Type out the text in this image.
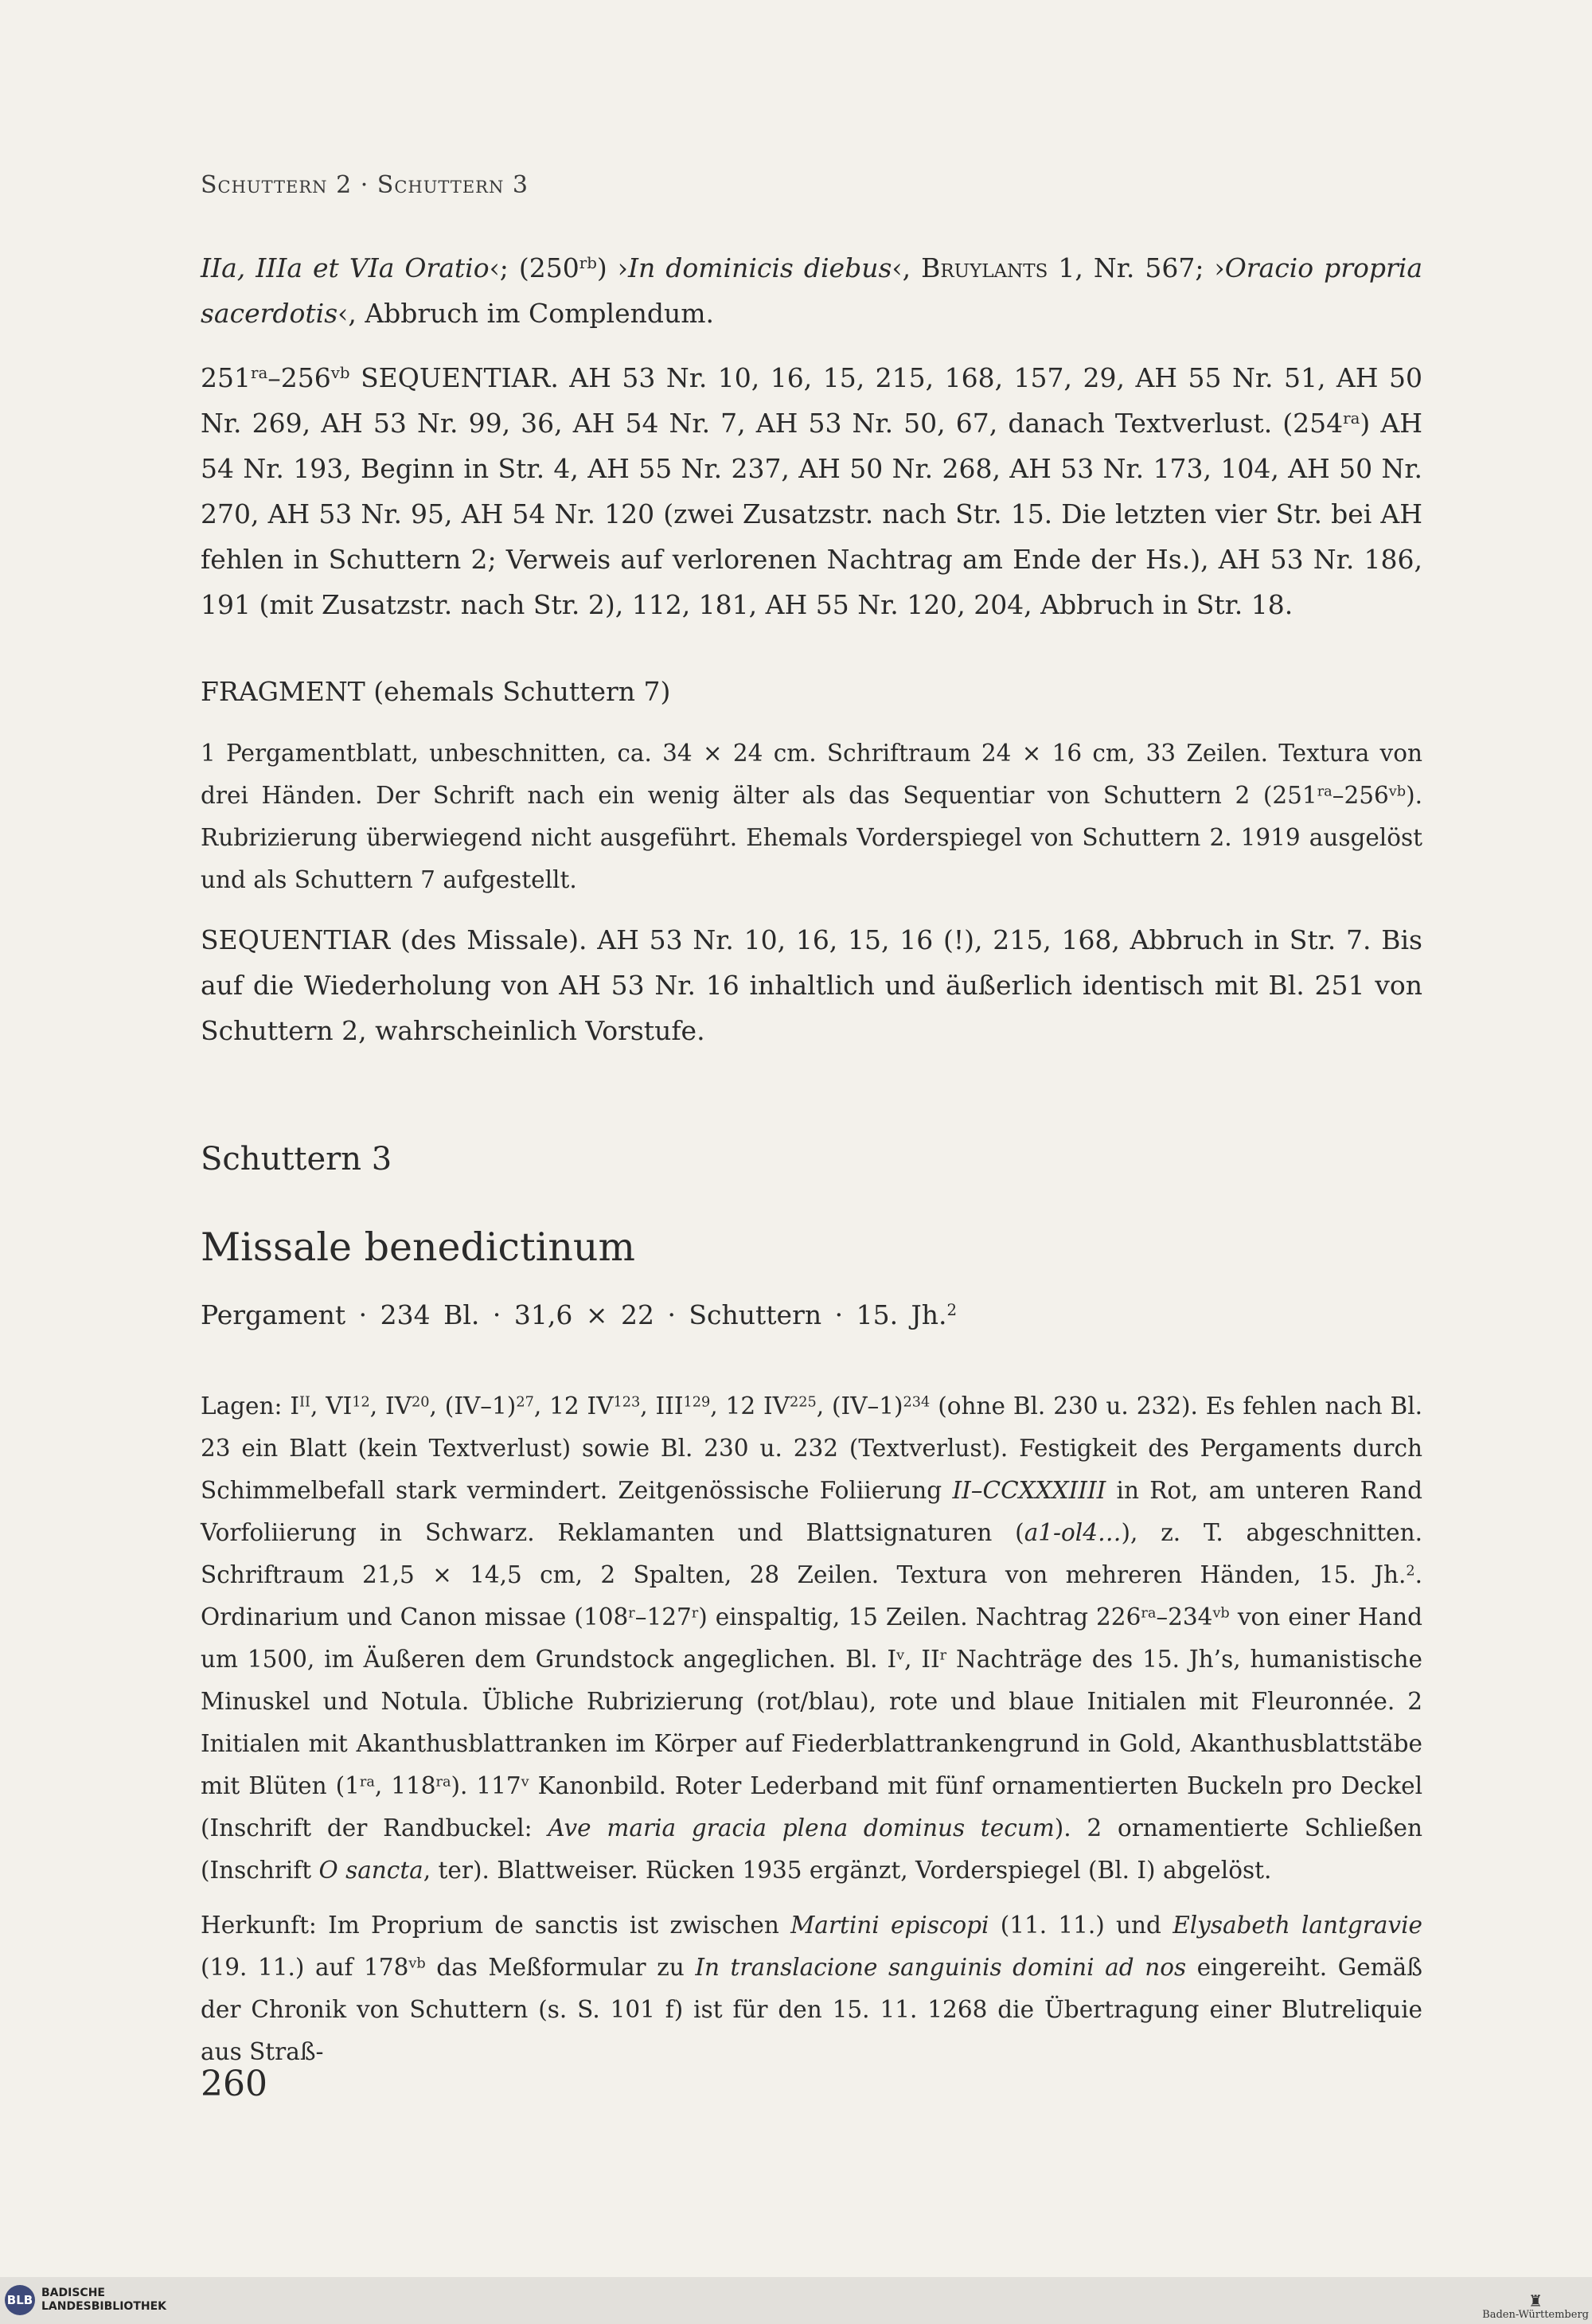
Schuttern 2 · Schuttern 3

IIa, IIIa et VIa Oratio‹; $(250^{rb})$ ›In dominicis diebus‹, Bruylants 1, Nr. 567; ›Oracio propria sacerdotis‹, Abbruch im Complendum.

$251^{ra}-256^{vb}$ SEQUENTIAR. AH 53 Nr. 10, 16, 15, 215, 168, 157, 29, AH 55 Nr. 51, AH 50 Nr. 269, AH 53 Nr. 99, 36, AH 54 Nr. 7, AH 53 Nr. 50, 67, danach Textverlust. $(254^{ra})$ AH 54 Nr. 193, Beginn in Str. 4, AH 55 Nr. 237, AH 50 Nr. 268, AH 53 Nr. 173, 104, AH 50 Nr. 270, AH 53 Nr. 95, AH 54 Nr. 120 (zwei Zusatzstr. nach Str. 15. Die letzten vier Str. bei AH fehlen in Schuttern 2; Verweis auf verlorenen Nachtrag am Ende der Hs.), AH 53 Nr. 186, 191 (mit Zusatzstr. nach Str. 2), 112, 181, AH 55 Nr. 120, 204, Abbruch in Str. 18.

FRAGMENT (ehemals Schuttern 7)

1 Pergamentblatt, unbeschnitten, ca. 34 × 24 cm. Schriftraum 24 × 16 cm, 33 Zeilen. Textura von drei Händen. Der Schrift nach ein wenig älter als das Sequentiar von Schuttern 2 $(251^{ra}-256^{vb})$. Rubrizierung überwiegend nicht ausgeführt. Ehemals Vorderspiegel von Schuttern 2. 1919 ausgelöst und als Schuttern 7 aufgestellt.

SEQUENTIAR (des Missale). AH 53 Nr. 10, 16, 15, 16 (!), 215, 168, Abbruch in Str. 7. Bis auf die Wiederholung von AH 53 Nr. 16 inhaltlich und äußerlich identisch mit Bl. 251 von Schuttern 2, wahrscheinlich Vorstufe.

Schuttern 3
Missale benedictinum
Pergament · 234 Bl. · 31,6 × 22 · Schuttern · 15. Jh.$^2$

Lagen: $I^{II}$, VI$^{12}$, IV$^{20}$, $(IV-1)^{27}$, 12 IV$^{123}$, III$^{129}$, 12 IV$^{225}$, $(IV-1)^{234}$ (ohne Bl. 230 u. 232). Es fehlen nach Bl. 23 ein Blatt (kein Textverlust) sowie Bl. 230 u. 232 (Textverlust). Festigkeit des Pergaments durch Schimmelbefall stark vermindert. Zeitgenössische Foliierung II–CCXXXIIII in Rot, am unteren Rand Vorfoliierung in Schwarz. Reklamanten und Blattsignaturen (a1-ol4…), z. T. abgeschnitten. Schriftraum 21,5 × 14,5 cm, 2 Spalten, 28 Zeilen. Textura von mehreren Händen, 15. Jh.$^2$. Ordinarium und Canon missae (108$^r$–127$^r$) einspaltig, 15 Zeilen. Nachtrag $226^{ra}-234^{vb}$ von einer Hand um 1500, im Äußeren dem Grundstock angeglichen. Bl. $I^v$, $II^r$ Nachträge des 15. Jh’s, humanistische Minuskel und Notula. Übliche Rubrizierung (rot/blau), rote und blaue Initialen mit Fleuronnée. 2 Initialen mit Akanthusblattranken im Körper auf Fiederblattrankengrund in Gold, Akanthusblattstäbe mit Blüten ($1^{ra}$, $118^{ra}$). 117$^v$ Kanonbild. Roter Lederband mit fünf ornamentierten Buckeln pro Deckel (Inschrift der Randbuckel: Ave maria gracia plena dominus tecum). 2 ornamentierte Schließen (Inschrift O sancta, ter). Blattweiser. Rücken 1935 ergänzt, Vorderspiegel (Bl. I) abgelöst.

Herkunft: Im Proprium de sanctis ist zwischen Martini episcopi (11. 11.) und Elysabeth lantgravie (19. 11.) auf $178^{vb}$ das Meßformular zu In translacione sanguinis domini ad nos eingereiht. Gemäß der Chronik von Schuttern (s. S. 101 f) ist für den 15. 11. 1268 die Übertragung einer Blutreliquie aus Straß-

260
BLB BADISCHE
LANDESBIBLIOTHEK	♜
Baden-Württemberg
